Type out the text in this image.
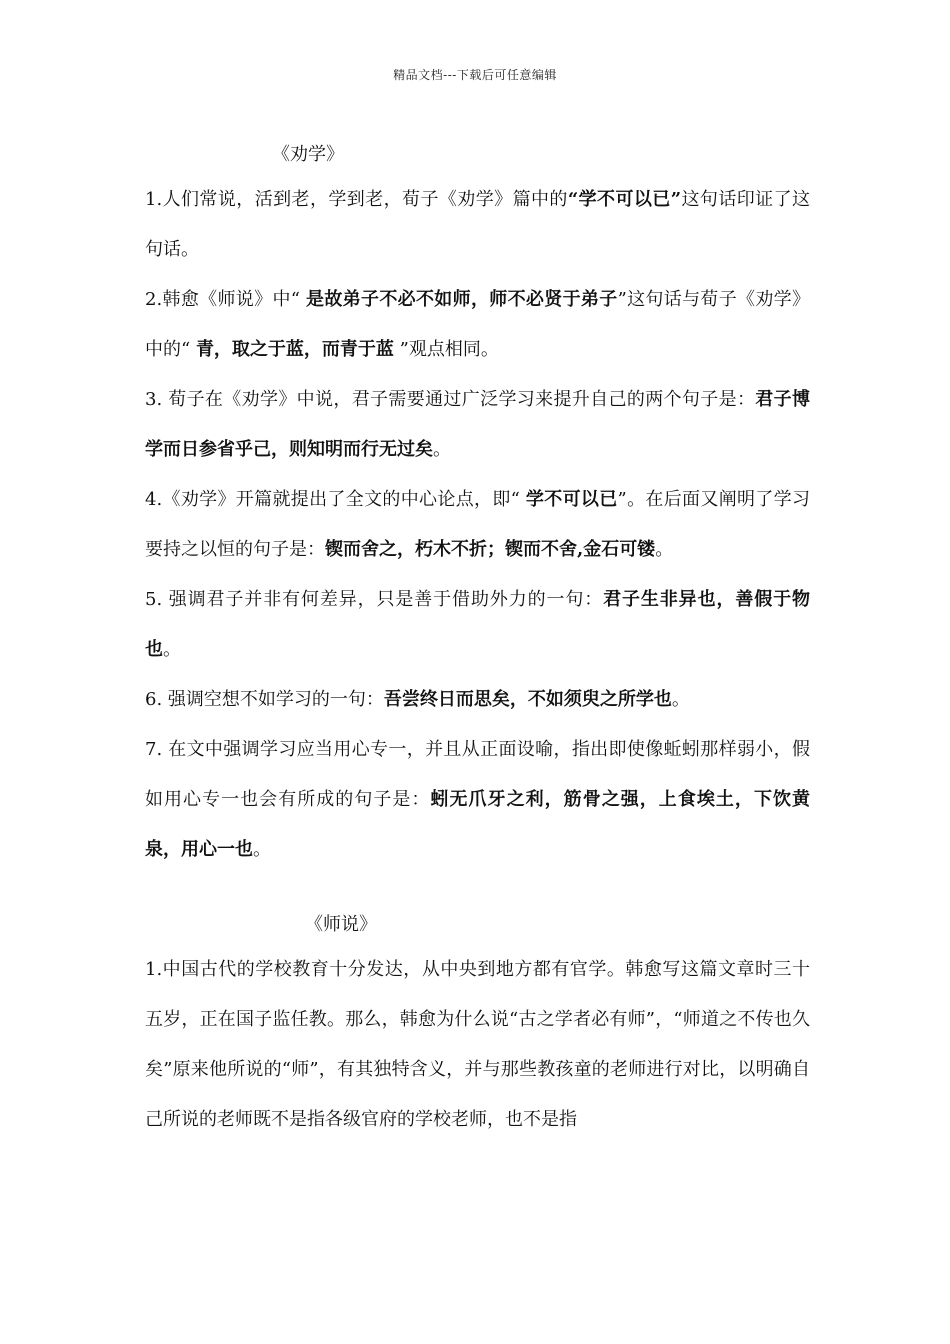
精品文档---下载后可任意编辑
《劝学》

1.人们常说，活到老，学到老，荀子《劝学》篇中的“学不可以已”这句话印证了这句话。

2.韩愈《师说》中“ 是故弟子不必不如师，师不必贤于弟子”这句话与荀子《劝学》中的“ 青，取之于蓝，而青于蓝 ”观点相同。

3. 荀子在《劝学》中说，君子需要通过广泛学习来提升自己的两个句子是：君子博学而日参省乎己，则知明而行无过矣。

4.《劝学》开篇就提出了全文的中心论点，即“ 学不可以已”。在后面又阐明了学习要持之以恒的句子是：锲而舍之，朽木不折；锲而不舍,金石可镂。

5. 强调君子并非有何差异，只是善于借助外力的一句：君子生非异也，善假于物也。

6. 强调空想不如学习的一句：吾尝终日而思矣，不如须臾之所学也。

7. 在文中强调学习应当用心专一，并且从正面设喻，指出即使像蚯蚓那样弱小，假如用心专一也会有所成的句子是：蚓无爪牙之利，筋骨之强，上食埃土，下饮黄泉，用心一也。

《师说》

1.中国古代的学校教育十分发达，从中央到地方都有官学。韩愈写这篇文章时三十五岁，正在国子监任教。那么，韩愈为什么说“古之学者必有师”，“师道之不传也久矣”原来他所说的“师”，有其独特含义，并与那些教孩童的老师进行对比，以明确自己所说的老师既不是指各级官府的学校老师，也不是指
